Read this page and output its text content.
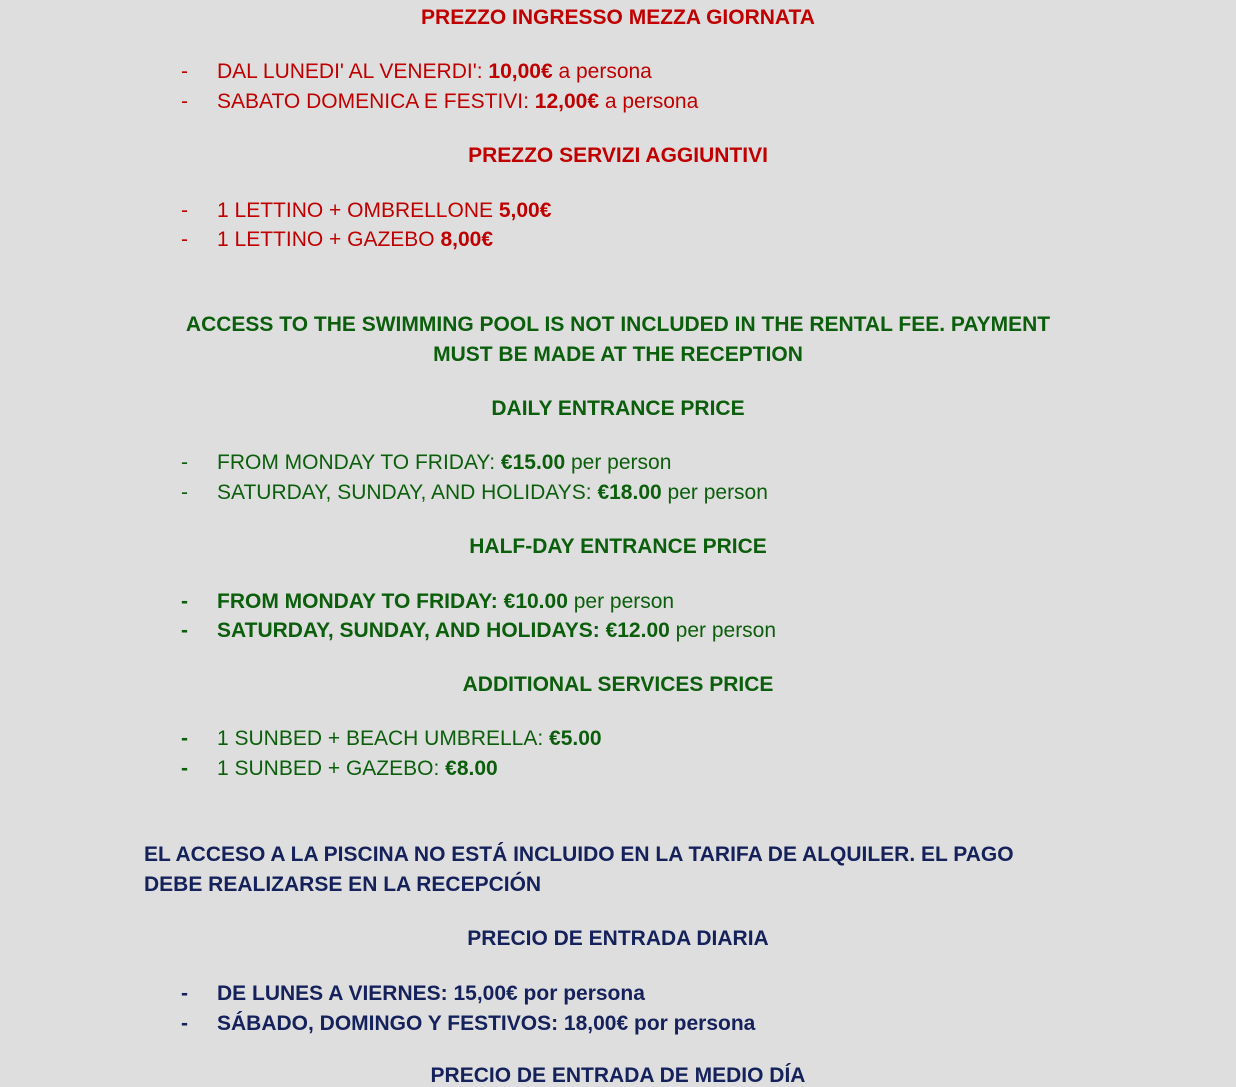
PREZZO INGRESSO MEZZA GIORNATA
- DAL LUNEDI' AL VENERDI': 10,00€ a persona
- SABATO DOMENICA E FESTIVI: 12,00€ a persona
PREZZO SERVIZI AGGIUNTIVI
- 1 LETTINO + OMBRELLONE 5,00€
- 1 LETTINO + GAZEBO 8,00€
ACCESS TO THE SWIMMING POOL IS NOT INCLUDED IN THE RENTAL FEE. PAYMENT
MUST BE MADE AT THE RECEPTION
DAILY ENTRANCE PRICE
- FROM MONDAY TO FRIDAY: €15.00 per person
- SATURDAY, SUNDAY, AND HOLIDAYS: €18.00 per person
HALF-DAY ENTRANCE PRICE
- FROM MONDAY TO FRIDAY: €10.00 per person
- SATURDAY, SUNDAY, AND HOLIDAYS: €12.00 per person
ADDITIONAL SERVICES PRICE
- 1 SUNBED + BEACH UMBRELLA: €5.00
- 1 SUNBED + GAZEBO: €8.00
EL ACCESO A LA PISCINA NO ESTÁ INCLUIDO EN LA TARIFA DE ALQUILER. EL PAGO
DEBE REALIZARSE EN LA RECEPCIÓN
PRECIO DE ENTRADA DIARIA
- DE LUNES A VIERNES: 15,00€ por persona
- SÁBADO, DOMINGO Y FESTIVOS: 18,00€ por persona
PRECIO DE ENTRADA DE MEDIO DÍA
